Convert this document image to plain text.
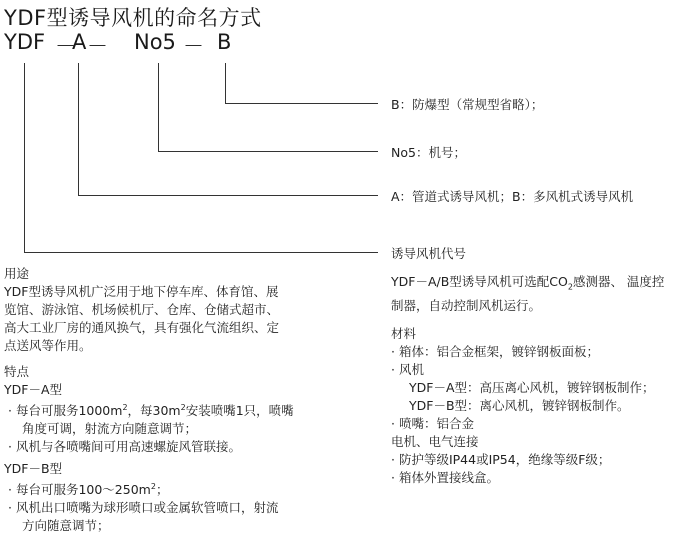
YDF型诱导风机的命名方式
YDF －
A － No5 － B
B：防爆型（常规型省略）；
No5：机号；
A：管道式诱导风机；B：多风机式诱导风机
诱导风机代号
用途
YDF型诱导风机广泛用于地下停车库、体育馆、展
览馆、游泳馆、机场候机厅、仓库、仓储式超市、
高大工业厂房的通风换气，具有强化气流组织、定
点送风等作用。
特点
YDF－A型
· 每台可服务$1000m^2$，每$30m^2$安装喷嘴1只，喷嘴
角度可调，射流方向随意调节；
· 风机与各喷嘴间可用高速螺旋风管联接。
YDF－B型
· 每台可服务$100\sim 250m^2$；
· 风机出口喷嘴为球形喷口或金属软管喷口，射流
方向随意调节；
YDF－A/B型诱导风机可选配$CO_2$感测器、 温度控
制器，自动控制风机运行。
材料
· 箱体：铝合金框架，镀锌钢板面板；
· 风机
YDF－A型：高压离心风机，镀锌钢板制作；
YDF－B型：离心风机，镀锌钢板制作。
· 喷嘴：铝合金
电机、电气连接
· 防护等级IP44或IP54，绝缘等级F级；
· 箱体外置接线盒。
